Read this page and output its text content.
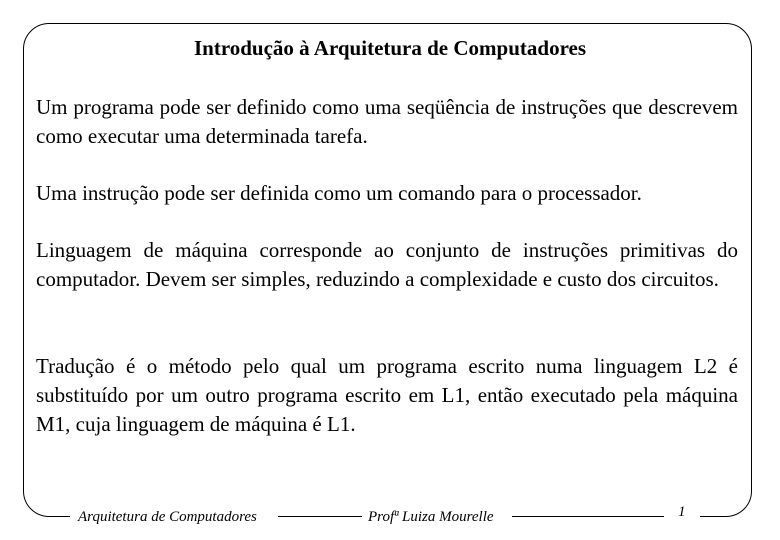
Introdução à Arquitetura de Computadores

Um programa pode ser definido como uma seqüência de instruções que descrevem como executar uma determinada tarefa.

Uma instrução pode ser definida como um comando para o processador.

Linguagem de máquina corresponde ao conjunto de instruções primitivas do computador. Devem ser simples, reduzindo a complexidade e custo dos circuitos.

Tradução é o método pelo qual um programa escrito numa linguagem L2 é substituído por um outro programa escrito em L1, então executado pela máquina M1, cuja linguagem de máquina é L1.

Arquitetura de Computadores	Profª Luiza Mourelle	1
